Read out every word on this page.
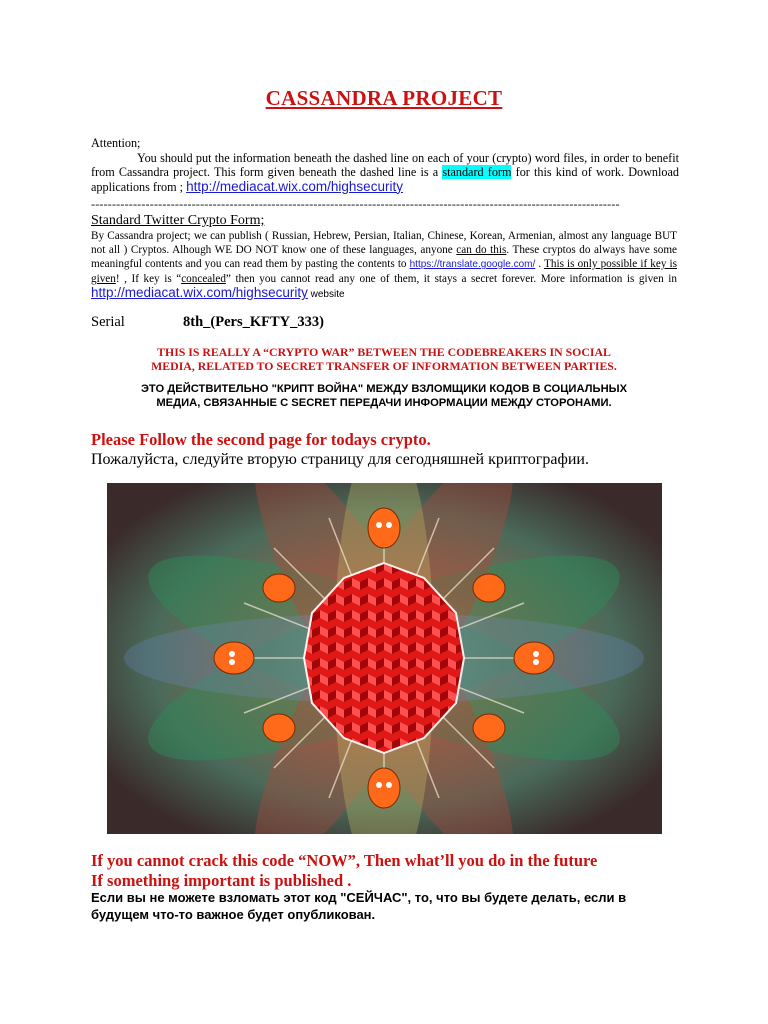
CASSANDRA PROJECT
Attention;
You should put the information beneath the dashed line on each of your (crypto) word files, in order to benefit from Cassandra project. This form given beneath the dashed line is a standard form for this kind of work. Download applications from ; http://mediacat.wix.com/highsecurity
------------------------------------------------------------------------------------------------------------------------------
Standard Twitter Crypto Form;
By Cassandra project; we can publish ( Russian, Hebrew, Persian, Italian, Chinese, Korean, Armenian, almost any language BUT not all ) Cryptos. Alhough WE DO NOT know one of these languages, anyone can do this. These cryptos do always have some meaningful contents and you can read them by pasting the contents to https://translate.google.com/ . This is only possible if key is given! , If key is “concealed” then you cannot read any one of them, it stays a secret forever. More information is given in http://mediacat.wix.com/highsecurity website
Serial	8th_(Pers_KFTY_333)
THIS IS REALLY A “CRYPTO WAR” BETWEEN THE CODEBREAKERS IN SOCIAL
MEDIA, RELATED TO SECRET TRANSFER OF INFORMATION BETWEEN PARTIES.
ЭТО ДЕЙСТВИТЕЛЬНО "КРИПТ ВОЙНА" МЕЖДУ ВЗЛОМЩИКИ КОДОВ В СОЦИАЛЬНЫХ
МЕДИА, СВЯЗАННЫЕ С SECRET ПЕРЕДАЧИ ИНФОРМАЦИИ МЕЖДУ СТОРОНАМИ.
Please Follow the second page for todays crypto.
Пожалуйста, следуйте вторую страницу для сегодняшней криптографии.
If you cannot crack this code “NOW”, Then what’ll you do in the future
If something important is published .
Если вы не можете взломать этот код "СЕЙЧАС", то, что вы будете делать, если в
будущем что-то важное будет опубликован.
